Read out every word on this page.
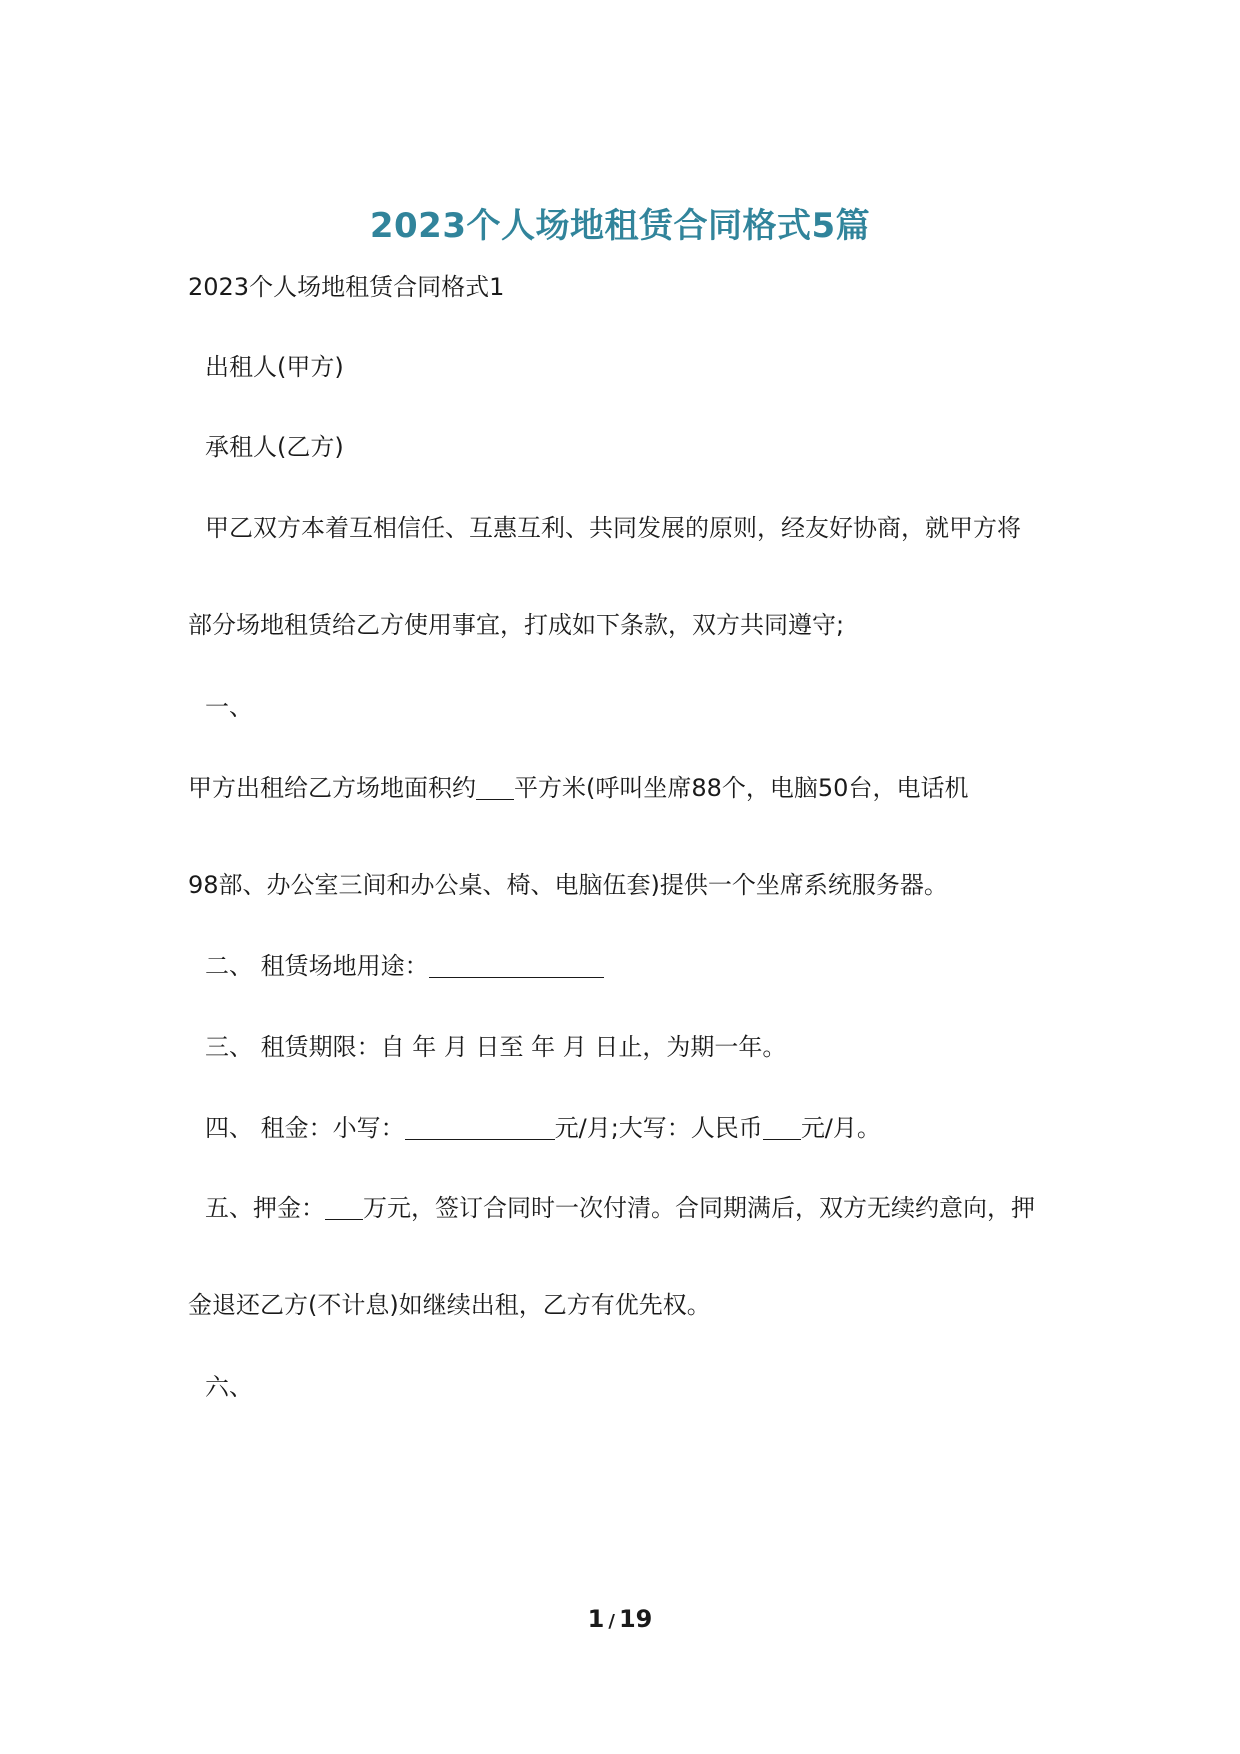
2023个人场地租赁合同格式5篇
2023个人场地租赁合同格式1
出租人(甲方)
承租人(乙方)
甲乙双方本着互相信任、互惠互利、共同发展的原则，经友好协商，就甲方将
部分场地租赁给乙方使用事宜，打成如下条款，双方共同遵守;
一、
甲方出租给乙方场地面积约 平方米(呼叫坐席88个，电脑50台，电话机
98部、办公室三间和办公桌、椅、电脑伍套)提供一个坐席系统服务器。
二、 租赁场地用途：
三、 租赁期限：自 年 月 日至 年 月 日止，为期一年。
四、 租金：小写：	元/月;大写：人民币 元/月。
五、押金： 万元，签订合同时一次付清。合同期满后，双方无续约意向，押
金退还乙方(不计息)如继续出租，乙方有优先权。
六、
1 / 19
